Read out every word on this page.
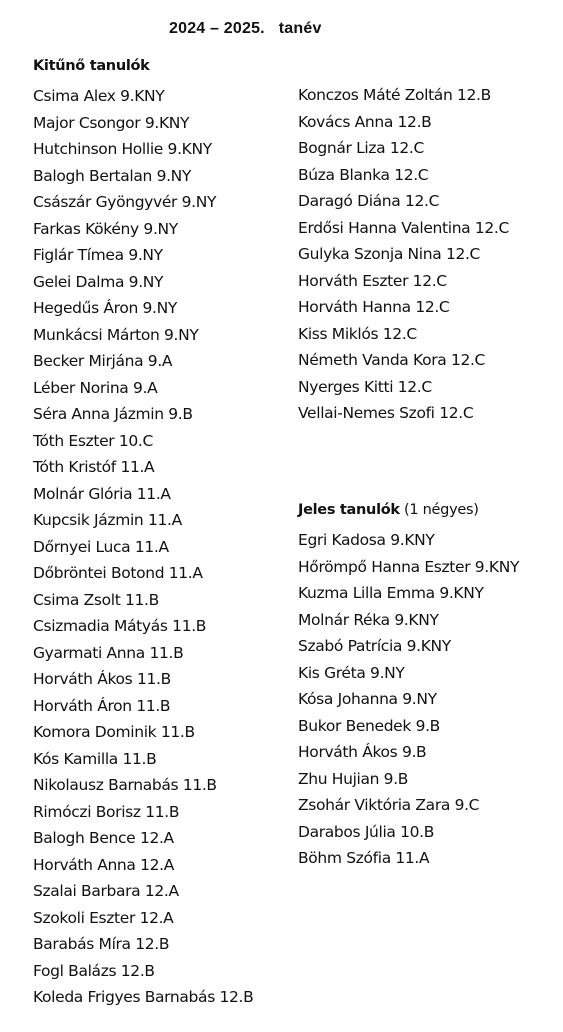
2024 – 2025.   tanév
Kitűnő tanulók
Csima Alex 9.KNY
Major Csongor 9.KNY
Hutchinson Hollie 9.KNY
Balogh Bertalan 9.NY
Császár Gyöngyvér 9.NY
Farkas Kökény 9.NY
Figlár Tímea 9.NY
Gelei Dalma 9.NY
Hegedűs Áron 9.NY
Munkácsi Márton 9.NY
Becker Mirjána 9.A
Léber Norina 9.A
Séra Anna Jázmin 9.B
Tóth Eszter 10.C
Tóth Kristóf 11.A
Molnár Glória 11.A
Kupcsik Jázmin 11.A
Dőrnyei Luca 11.A
Dőbröntei Botond 11.A
Csima Zsolt 11.B
Csizmadia Mátyás 11.B
Gyarmati Anna 11.B
Horváth Ákos 11.B
Horváth Áron 11.B
Komora Dominik 11.B
Kós Kamilla 11.B
Nikolausz Barnabás 11.B
Rimóczi Borisz 11.B
Balogh Bence 12.A
Horváth Anna 12.A
Szalai Barbara 12.A
Szokoli Eszter 12.A
Barabás Míra 12.B
Fogl Balázs 12.B
Koleda Frigyes Barnabás 12.B
Konczos Máté Zoltán 12.B
Kovács Anna 12.B
Bognár Liza 12.C
Búza Blanka 12.C
Daragó Diána 12.C
Erdősi Hanna Valentina 12.C
Gulyka Szonja Nina 12.C
Horváth Eszter 12.C
Horváth Hanna 12.C
Kiss Miklós 12.C
Németh Vanda Kora 12.C
Nyerges Kitti 12.C
Vellai-Nemes Szofi 12.C
Jeles tanulók (1 négyes)
Egri Kadosa 9.KNY
Hőrömpő Hanna Eszter 9.KNY
Kuzma Lilla Emma 9.KNY
Molnár Réka 9.KNY
Szabó Patrícia 9.KNY
Kis Gréta 9.NY
Kósa Johanna 9.NY
Bukor Benedek 9.B
Horváth Ákos 9.B
Zhu Hujian 9.B
Zsohár Viktória Zara 9.C
Darabos Júlia 10.B
Böhm Szófia 11.A
